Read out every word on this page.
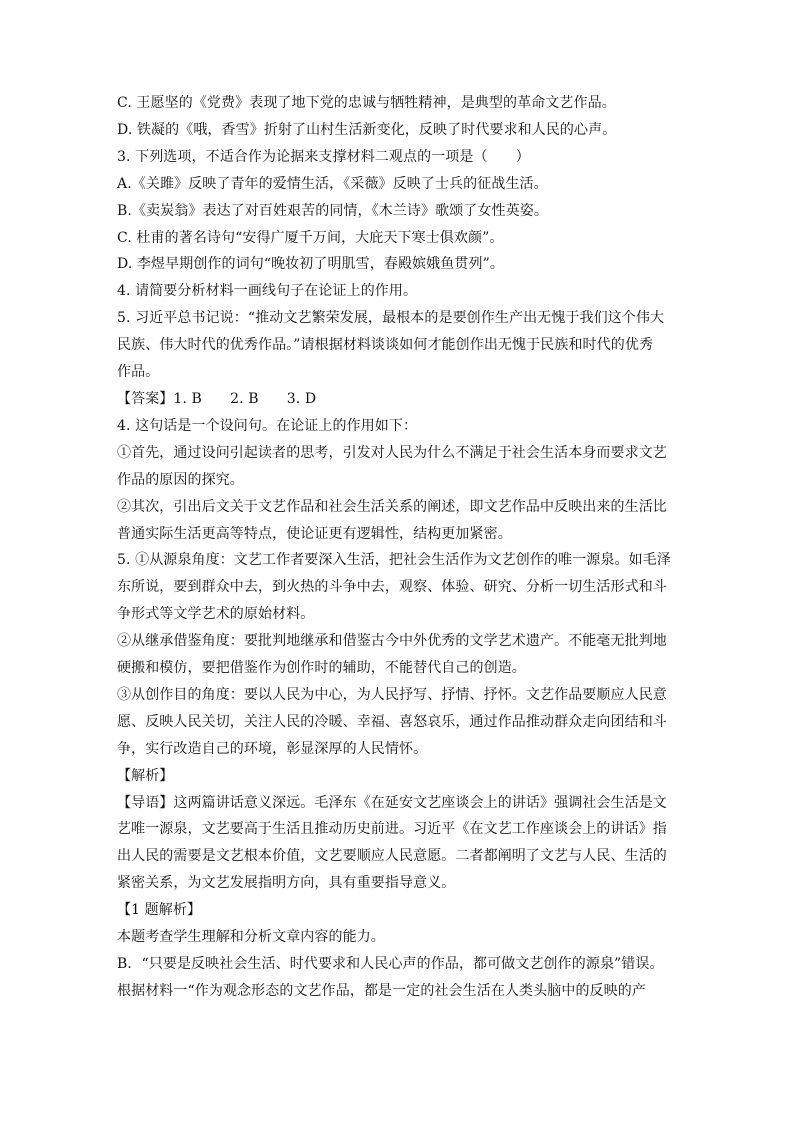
C. 王愿坚的《党费》表现了地下党的忠诚与牺牲精神，是典型的革命文艺作品。
D. 铁凝的《哦，香雪》折射了山村生活新变化，反映了时代要求和人民的心声。
3. 下列选项，不适合作为论据来支撑材料二观点的一项是（　　）
A.《关雎》反映了青年的爱情生活，《采薇》反映了士兵的征战生活。
B.《卖炭翁》表达了对百姓艰苦的同情，《木兰诗》歌颂了女性英姿。
C. 杜甫的著名诗句“安得广厦千万间，大庇天下寒士俱欢颜”。
D. 李煜早期创作的词句“晚妆初了明肌雪，春殿嫔娥鱼贯列”。
4. 请简要分析材料一画线句子在论证上的作用。
5. 习近平总书记说：“推动文艺繁荣发展，最根本的是要创作生产出无愧于我们这个伟大
民族、伟大时代的优秀作品。”请根据材料谈谈如何才能创作出无愧于民族和时代的优秀
作品。
【答案】1. B　　2. B　　3. D
4. 这句话是一个设问句。在论证上的作用如下：
①首先，通过设问引起读者的思考，引发对人民为什么不满足于社会生活本身而要求文艺
作品的原因的探究。
②其次，引出后文关于文艺作品和社会生活关系的阐述，即文艺作品中反映出来的生活比
普通实际生活更高等特点，使论证更有逻辑性，结构更加紧密。
5. ①从源泉角度：文艺工作者要深入生活，把社会生活作为文艺创作的唯一源泉。如毛泽
东所说，要到群众中去，到火热的斗争中去，观察、体验、研究、分析一切生活形式和斗
争形式等文学艺术的原始材料。
②从继承借鉴角度：要批判地继承和借鉴古今中外优秀的文学艺术遗产。不能毫无批判地
硬搬和模仿，要把借鉴作为创作时的辅助，不能替代自己的创造。
③从创作目的角度：要以人民为中心，为人民抒写、抒情、抒怀。文艺作品要顺应人民意
愿、反映人民关切，关注人民的冷暖、幸福、喜怒哀乐，通过作品推动群众走向团结和斗
争，实行改造自己的环境，彰显深厚的人民情怀。
【解析】
【导语】这两篇讲话意义深远。毛泽东《在延安文艺座谈会上的讲话》强调社会生活是文
艺唯一源泉，文艺要高于生活且推动历史前进。习近平《在文艺工作座谈会上的讲话》指
出人民的需要是文艺根本价值，文艺要顺应人民意愿。二者都阐明了文艺与人民、生活的
紧密关系，为文艺发展指明方向，具有重要指导意义。
【1 题解析】
本题考查学生理解和分析文章内容的能力。
B．“只要是反映社会生活、时代要求和人民心声的作品，都可做文艺创作的源泉”错误。
根据材料一“作为观念形态的文艺作品，都是一定的社会生活在人类头脑中的反映的产
